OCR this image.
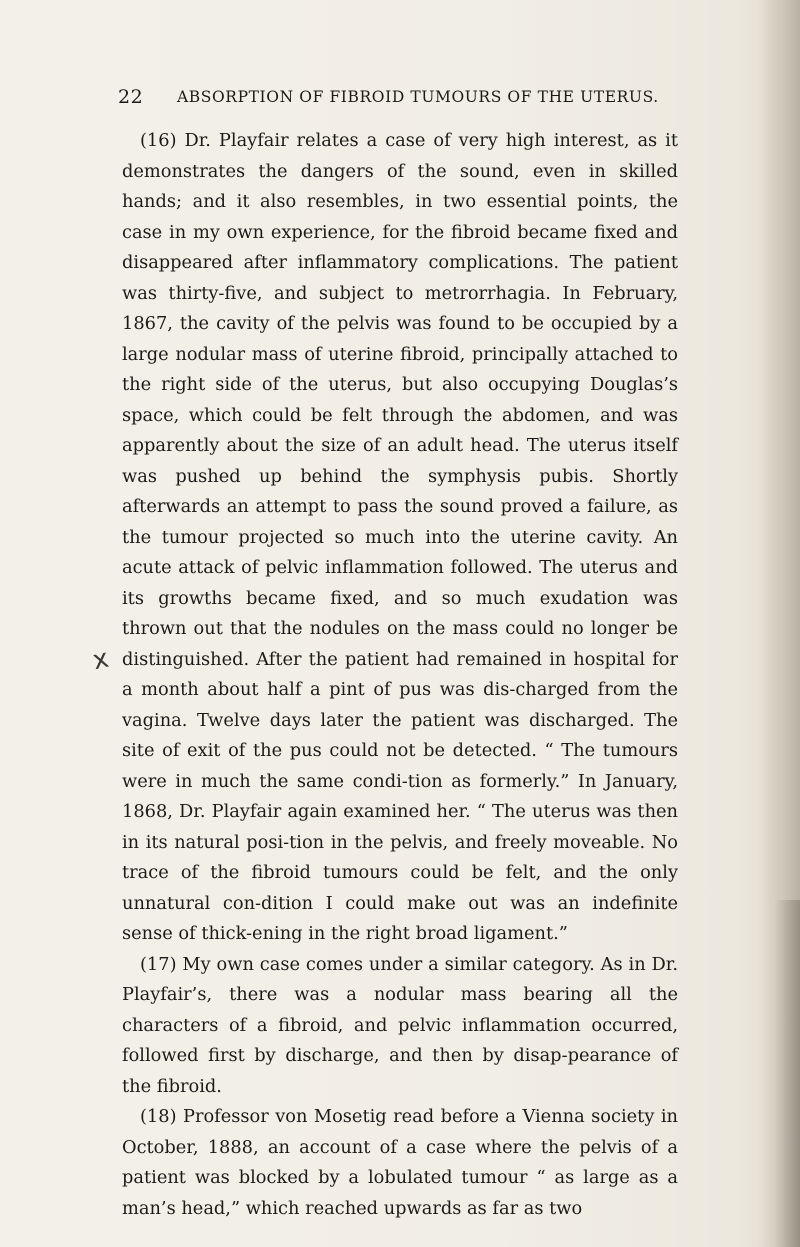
22 ABSORPTION OF FIBROID TUMOURS OF THE UTERUS.
x

(16) Dr. Playfair relates a case of very high interest, as it demonstrates the dangers of the sound, even in skilled hands; and it also resembles, in two essential points, the case in my own experience, for the fibroid became fixed and disappeared after inflammatory complications. The patient was thirty-five, and subject to metrorrhagia. In February, 1867, the cavity of the pelvis was found to be occupied by a large nodular mass of uterine fibroid, principally attached to the right side of the uterus, but also occupying Douglas’s space, which could be felt through the abdomen, and was apparently about the size of an adult head. The uterus itself was pushed up behind the symphysis pubis. Shortly afterwards an attempt to pass the sound proved a failure, as the tumour projected so much into the uterine cavity. An acute attack of pelvic inflammation followed. The uterus and its growths became fixed, and so much exudation was thrown out that the nodules on the mass could no longer be distinguished. After the patient had remained in hospital for a month about half a pint of pus was dis-charged from the vagina. Twelve days later the patient was discharged. The site of exit of the pus could not be detected. “ The tumours were in much the same condi-tion as formerly.” In January, 1868, Dr. Playfair again examined her. “ The uterus was then in its natural posi-tion in the pelvis, and freely moveable. No trace of the fibroid tumours could be felt, and the only unnatural con-dition I could make out was an indefinite sense of thick-ening in the right broad ligament.”

(17) My own case comes under a similar category. As in Dr. Playfair’s, there was a nodular mass bearing all the characters of a fibroid, and pelvic inflammation occurred, followed first by discharge, and then by disap-pearance of the fibroid.

(18) Professor von Mosetig read before a Vienna society in October, 1888, an account of a case where the pelvis of a patient was blocked by a lobulated tumour “ as large as a man’s head,” which reached upwards as far as two
